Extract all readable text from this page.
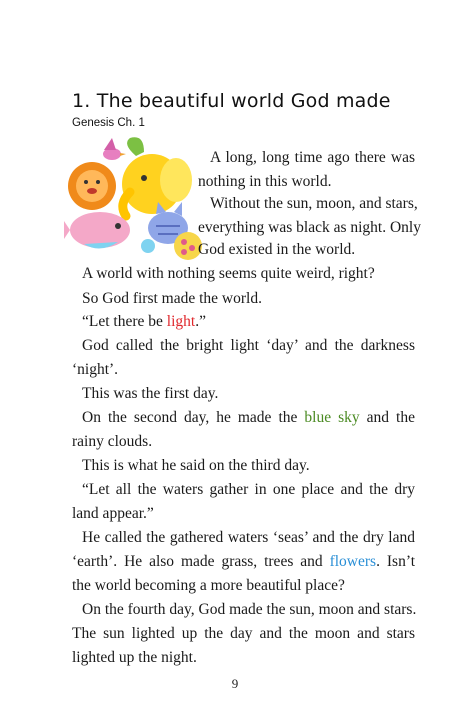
1. The beautiful world God made
Genesis Ch. 1
A long, long time ago there was
nothing in this world.
Without the sun, moon, and stars,
everything was black as night. Only
God existed in the world.
A world with nothing seems quite weird, right?
So God first made the world.
“Let there be light.”
God called the bright light ‘day’ and the darkness
‘night’.
This was the first day.
On the second day, he made the blue sky and the
rainy clouds.
This is what he said on the third day.
“Let all the waters gather in one place and the dry
land appear.”
He called the gathered waters ‘seas’ and the dry land
‘earth’. He also made grass, trees and flowers. Isn’t
the world becoming a more beautiful place?
On the fourth day, God made the sun, moon and stars.
The sun lighted up the day and the moon and stars
lighted up the night.
9
